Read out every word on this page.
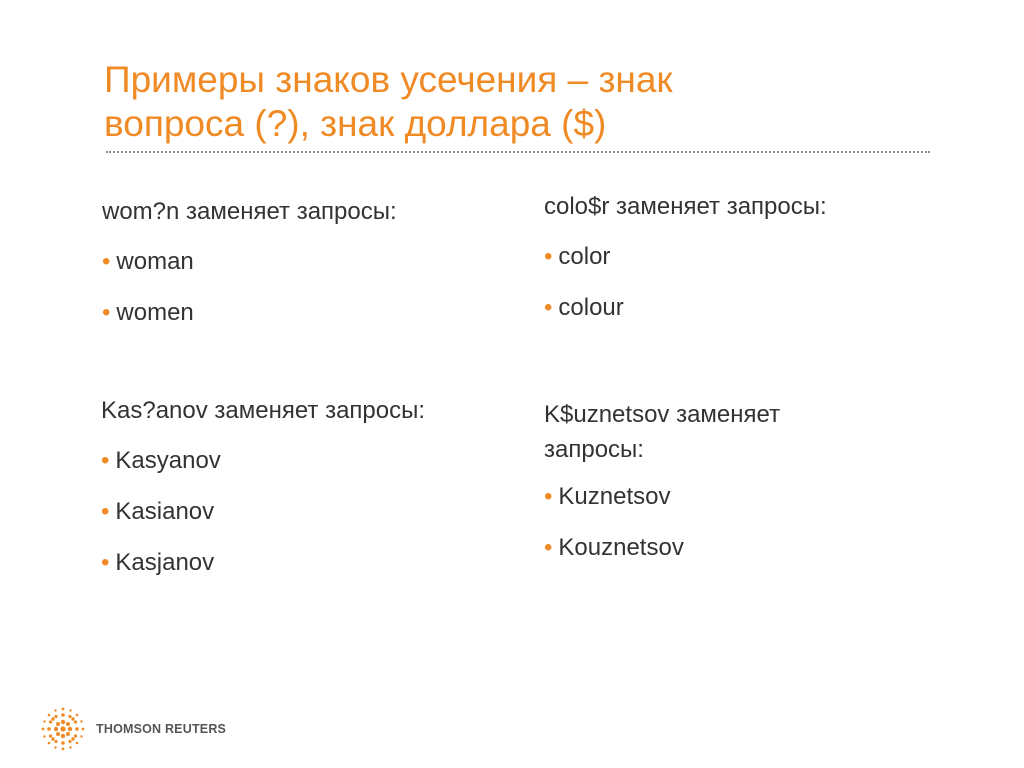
Примеры знаков усечения – знак
вопроса (?), знак доллара ($)
wom?n заменяет запросы:
• woman
• women
colo$r заменяет запросы:
• color
• colour
Kas?anov заменяет запросы:
• Kasyanov
• Kasianov
• Kasjanov
K$uznetsov заменяет запросы:
• Kuznetsov
• Kouznetsov
THOMSON REUTERS
